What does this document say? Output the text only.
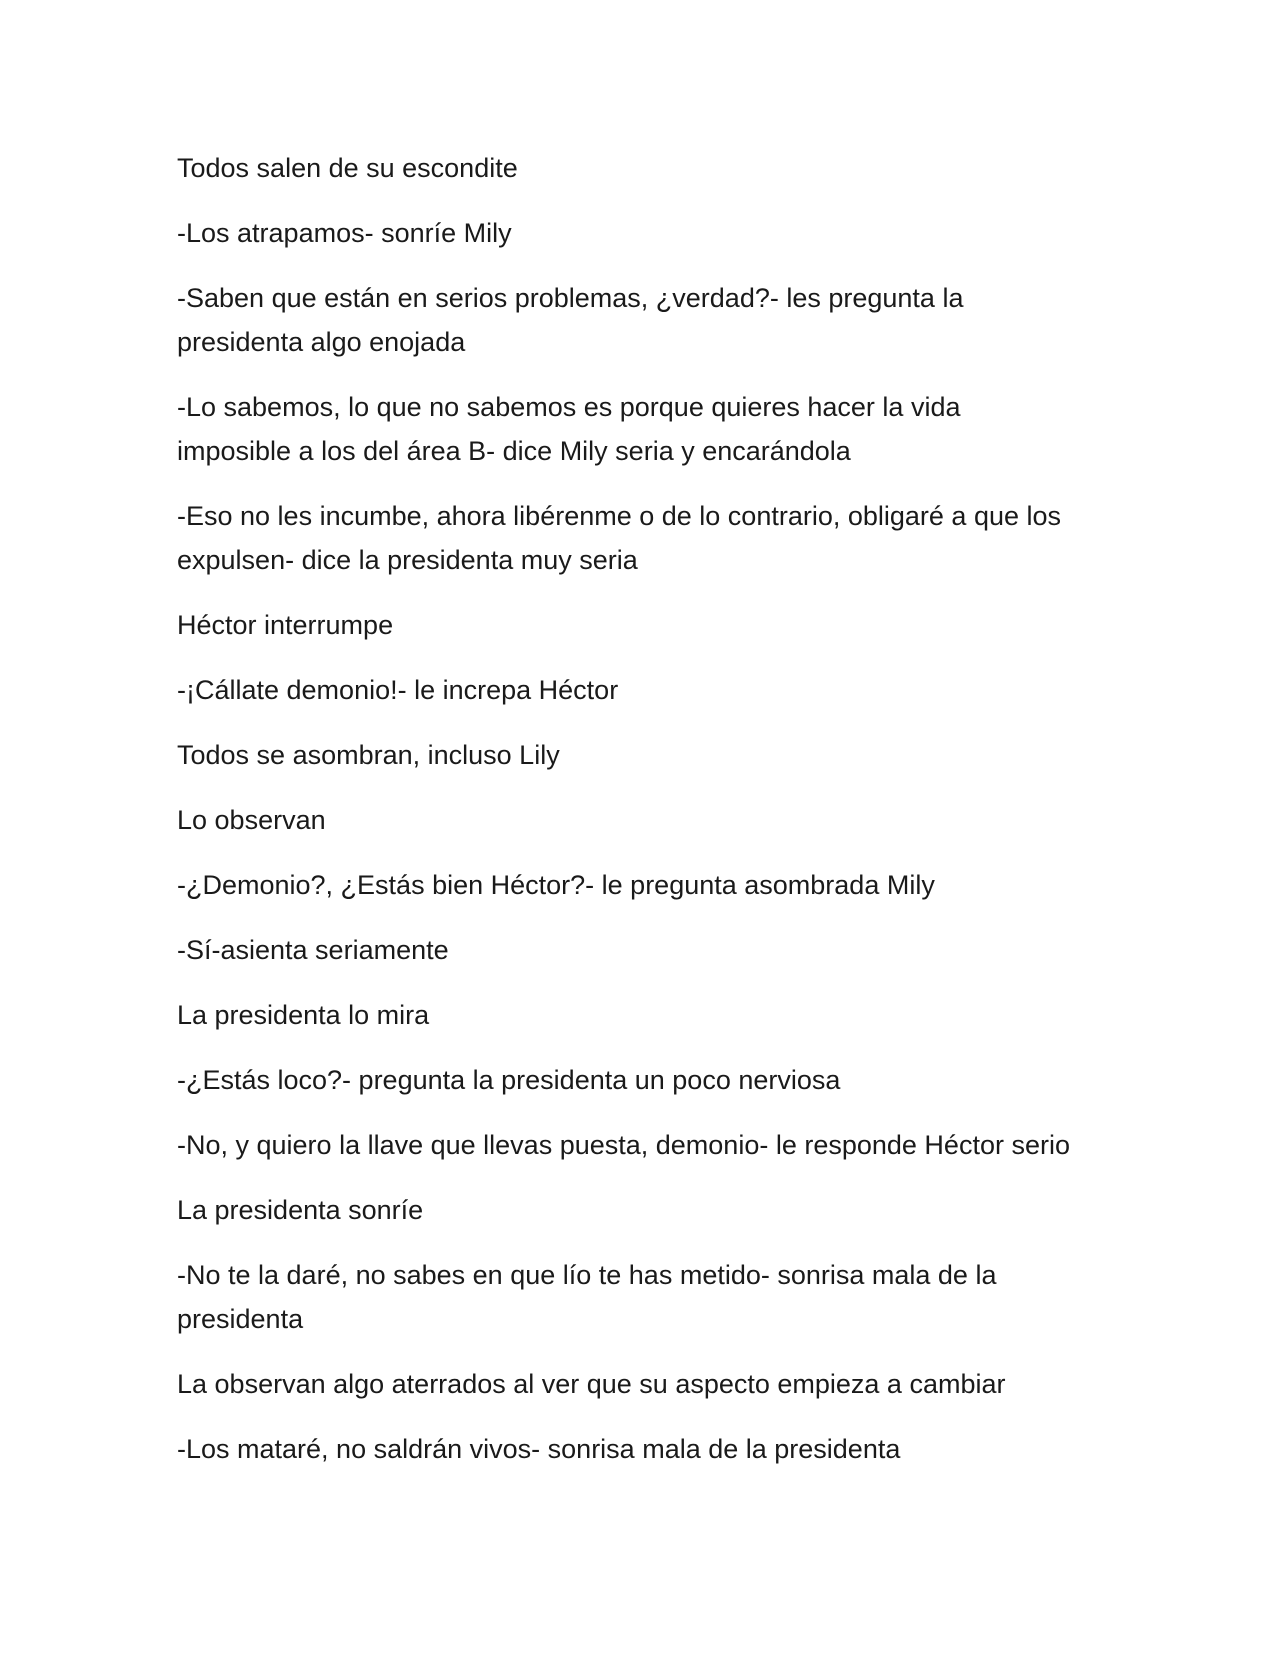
Todos salen de su escondite

-Los atrapamos- sonríe Mily

-Saben que están en serios problemas, ¿verdad?- les pregunta la presidenta algo enojada

-Lo sabemos, lo que no sabemos es porque quieres hacer la vida imposible a los del área B- dice Mily seria y encarándola

-Eso no les incumbe, ahora libérenme o de lo contrario, obligaré a que los expulsen- dice la presidenta muy seria

Héctor interrumpe

-¡Cállate demonio!- le increpa Héctor

Todos se asombran, incluso Lily

Lo observan

-¿Demonio?, ¿Estás bien Héctor?- le pregunta asombrada Mily

-Sí-asienta seriamente

La presidenta lo mira

-¿Estás loco?- pregunta la presidenta un poco nerviosa

-No, y quiero la llave que llevas puesta, demonio- le responde Héctor serio

La presidenta sonríe

-No te la daré, no sabes en que lío te has metido- sonrisa mala de la presidenta

La observan algo aterrados al ver que su aspecto empieza a cambiar

-Los mataré, no saldrán vivos- sonrisa mala de la presidenta
